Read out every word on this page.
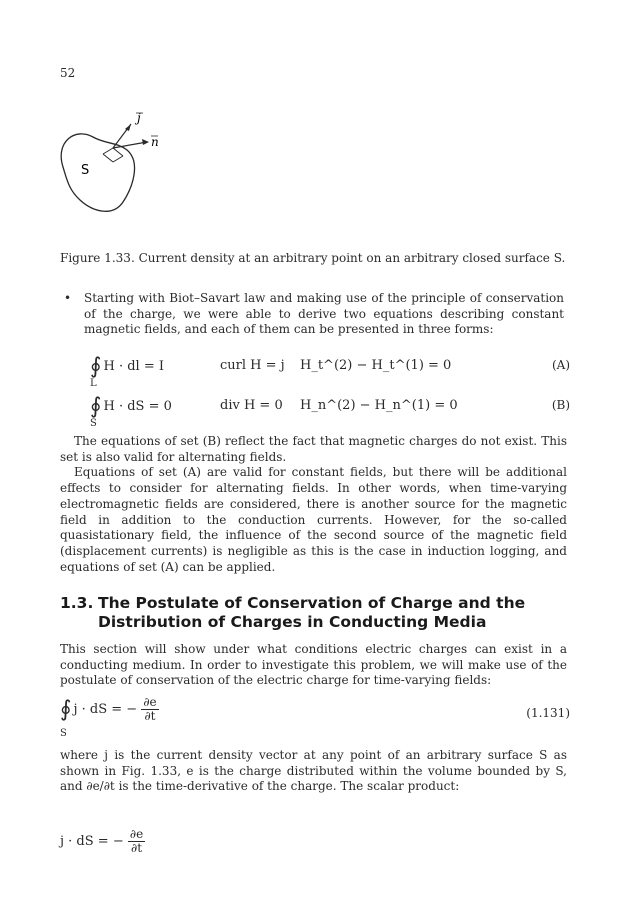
52
S
j
n
Figure 1.33. Current density at an arbitrary point on an arbitrary closed surface S.
• Starting with Biot–Savart law and making use of the principle of conservation of the charge, we were able to derive two equations describing constant magnetic fields, and each of them can be presented in three forms:
∮ H · dl = I
L
curl H = j H_t^(2) − H_t^(1) = 0	(A)
∮ H · dS = 0
S
div H = 0 H_n^(2) − H_n^(1) = 0	(B)

The equations of set (B) reflect the fact that magnetic charges do not exist. This set is also valid for alternating fields.

Equations of set (A) are valid for constant fields, but there will be additional effects to consider for alternating fields. In other words, when time-varying electromagnetic fields are considered, there is another source for the magnetic field in addition to the conduction currents. However, for the so-called quasistationary field, the influence of the second source of the magnetic field (displacement currents) is negligible as this is the case in induction logging, and equations of set (A) can be applied.

1.3. The Postulate of Conservation of Charge and the
Distribution of Charges in Conducting Media

This section will show under what conditions electric charges can exist in a conducting medium. In order to investigate this problem, we will make use of the postulate of conservation of the electric charge for time-varying fields:

∮ j · dS = − $\frac{\partial e}{\partial t}$
S
(1.131)

where j is the current density vector at any point of an arbitrary surface S as shown in Fig. 1.33, e is the charge distributed within the volume bounded by S, and ∂e/∂t is the time-derivative of the charge. The scalar product:

j · dS = − $\frac{\partial e}{\partial t}$
